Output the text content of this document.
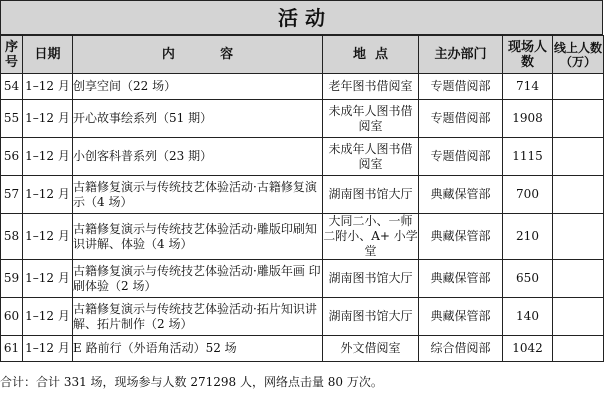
活 动
序号	日期	内          容	地  点	主办部门	现场人数	线上人数（万）
54	1–12 月	创享空间（22 场）	老年图书借阅室	专题借阅部	714	
55	1–12 月	开心故事绘系列（51 期）	未成年人图书借阅室	专题借阅部	1908	
56	1–12 月	小创客科普系列（23 期）	未成年人图书借阅室	专题借阅部	1115	
57	1–12 月	古籍修复演示与传统技艺体验活动·古籍修复演示（4 场）	湖南图书馆大厅	典藏保管部	700	
58	1–12 月	古籍修复演示与传统技艺体验活动·雕版印刷知识讲解、体验（4 场）	大同二小、一师二附小、A+ 小学堂	典藏保管部	210	
59	1–12 月	古籍修复演示与传统技艺体验活动·雕版年画 印刷体验（2 场）	湖南图书馆大厅	典藏保管部	650	
60	1–12 月	古籍修复演示与传统技艺体验活动·拓片知识讲解、拓片制作（2 场）	湖南图书馆大厅	典藏保管部	140	
61	1–12 月	E 路前行（外语角活动）52 场	外文借阅室	综合借阅部	1042	
合计：合计 331 场，现场参与人数 271298 人，网络点击量 80 万次。
